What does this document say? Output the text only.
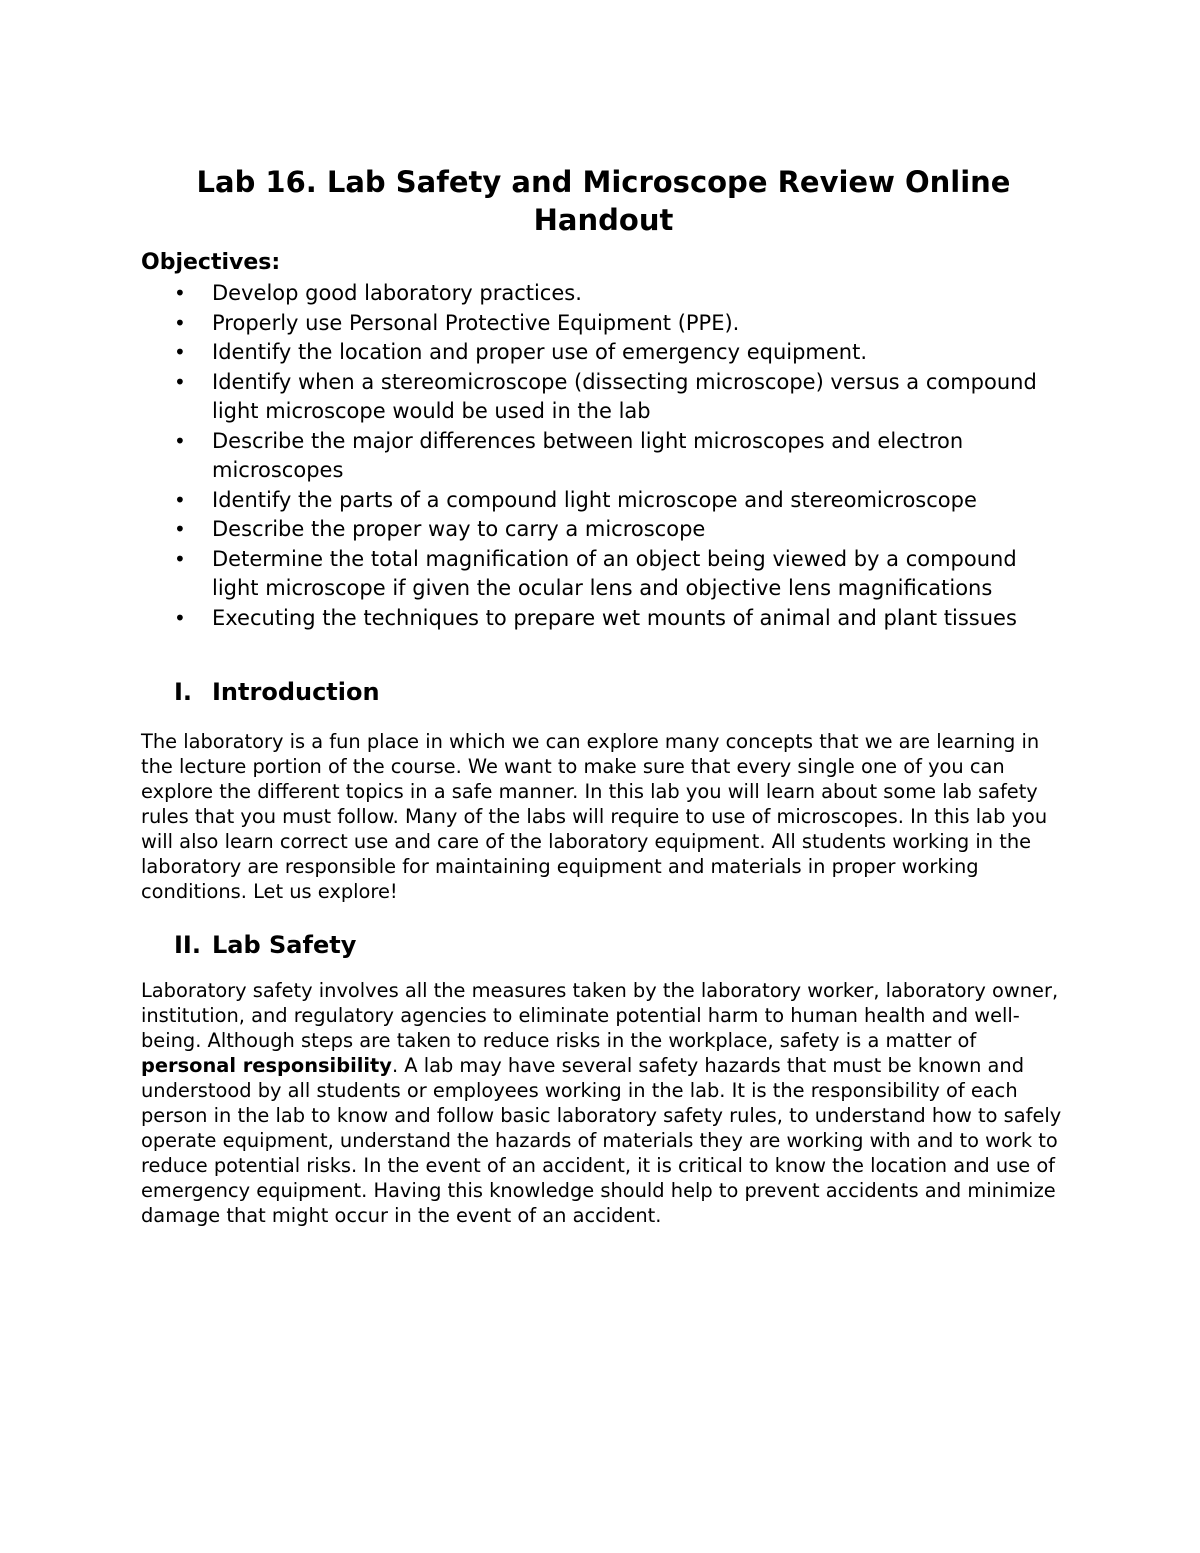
Lab 16. Lab Safety and Microscope Review Online Handout
Objectives:
• Develop good laboratory practices.
• Properly use Personal Protective Equipment (PPE).
• Identify the location and proper use of emergency equipment.
• Identify when a stereomicroscope (dissecting microscope) versus a compound light microscope would be used in the lab
• Describe the major differences between light microscopes and electron microscopes
• Identify the parts of a compound light microscope and stereomicroscope
• Describe the proper way to carry a microscope
• Determine the total magnification of an object being viewed by a compound light microscope if given the ocular lens and objective lens magnifications
• Executing the techniques to prepare wet mounts of animal and plant tissues
I. Introduction

The laboratory is a fun place in which we can explore many concepts that we are learning in the lecture portion of the course. We want to make sure that every single one of you can explore the different topics in a safe manner. In this lab you will learn about some lab safety rules that you must follow. Many of the labs will require to use of microscopes. In this lab you will also learn correct use and care of the laboratory equipment. All students working in the laboratory are responsible for maintaining equipment and materials in proper working conditions. Let us explore!

II. Lab Safety

Laboratory safety involves all the measures taken by the laboratory worker, laboratory owner, institution, and regulatory agencies to eliminate potential harm to human health and well-being. Although steps are taken to reduce risks in the workplace, safety is a matter of personal responsibility. A lab may have several safety hazards that must be known and understood by all students or employees working in the lab. It is the responsibility of each person in the lab to know and follow basic laboratory safety rules, to understand how to safely operate equipment, understand the hazards of materials they are working with and to work to reduce potential risks. In the event of an accident, it is critical to know the location and use of emergency equipment. Having this knowledge should help to prevent accidents and minimize damage that might occur in the event of an accident.
